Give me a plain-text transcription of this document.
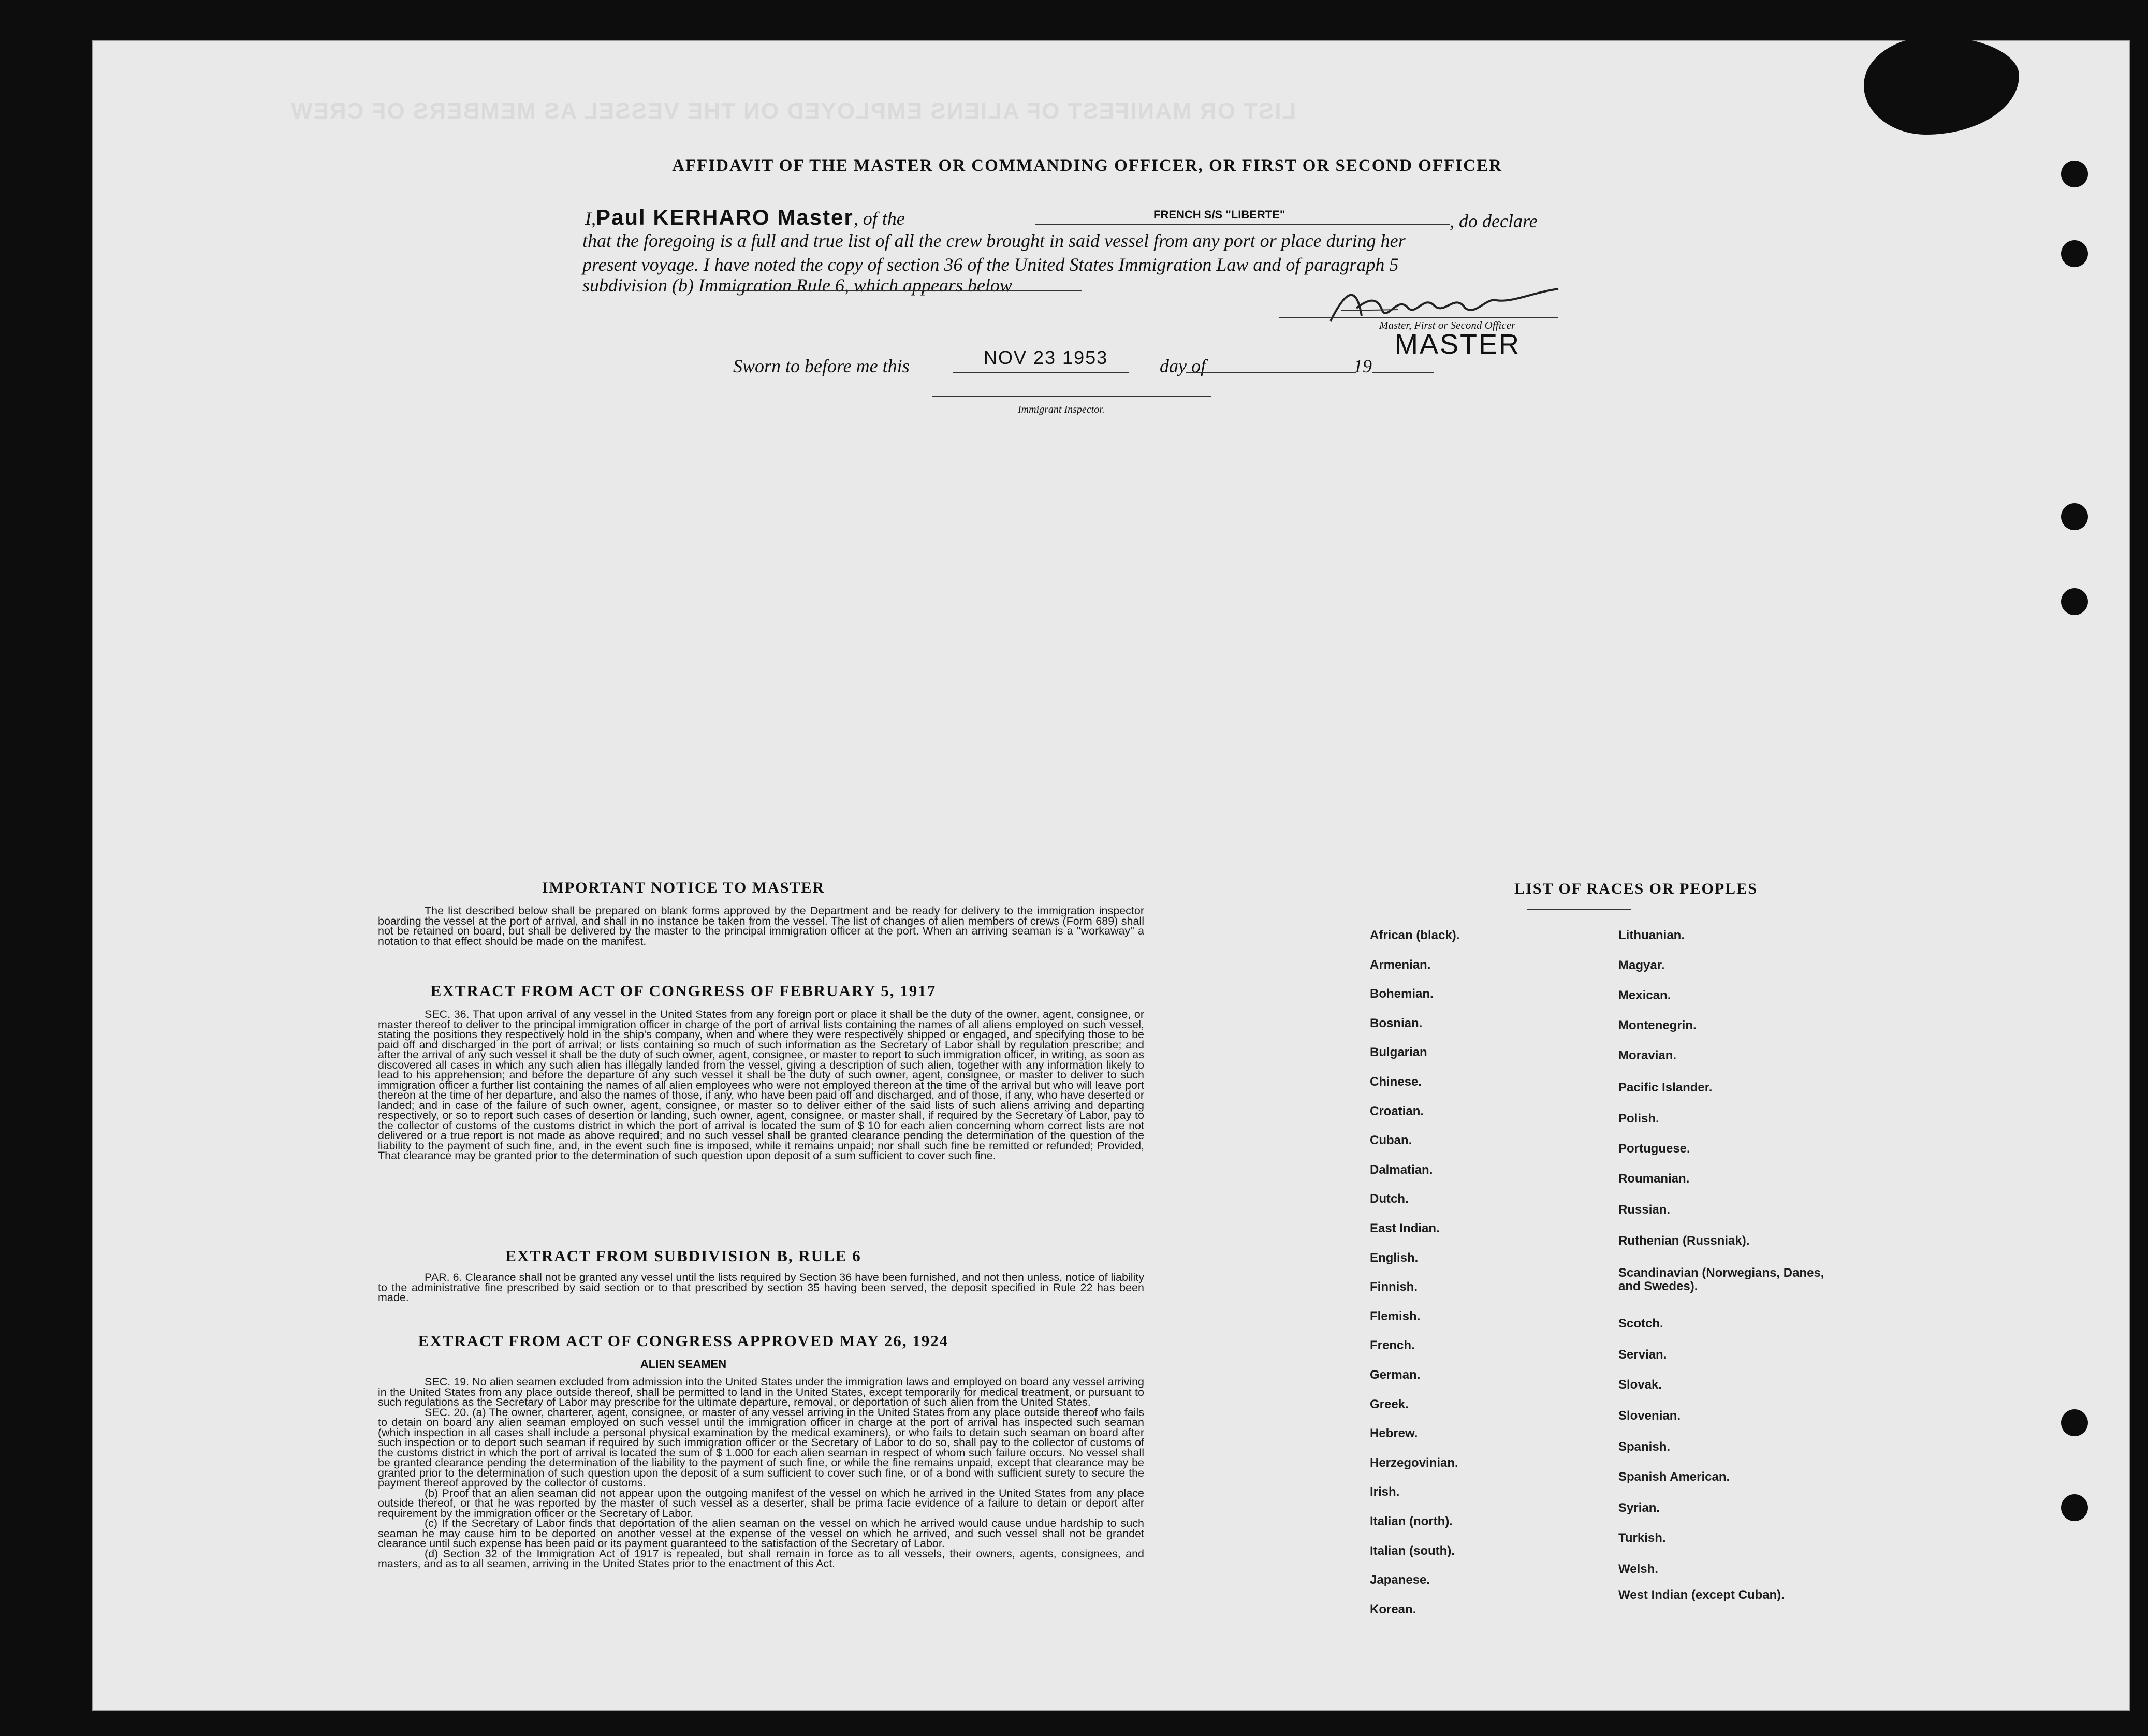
LIST OR MANIFEST OF ALIENS EMPLOYED ON THE VESSEL AS MEMBERS OF CREW
AFFIDAVIT OF THE MASTER OR COMMANDING OFFICER, OR FIRST OR SECOND OFFICER
I,Paul KERHARO Master, of the	FRENCH S/S "LIBERTE"	, do declare
that the foregoing is a full and true list of all the crew brought in said vessel from any port or place during her
present voyage. I have noted the copy of section 36 of the United States Immigration Law and of paragraph 5
subdivision (b) Immigration Rule 6, which appears below
Master, First or Second Officer
MASTER
Sworn to before me this	NOV 23 1953	day of	19
Immigrant Inspector.
IMPORTANT NOTICE TO MASTER

The list described below shall be prepared on blank forms approved by the Department and be ready for delivery to the immigration inspector boarding the vessel at the port of arrival, and shall in no instance be taken from the vessel. The list of changes of alien members of crews (Form 689) shall not be retained on board, but shall be delivered by the master to the principal immigration officer at the port. When an arriving seaman is a "workaway" a notation to that effect should be made on the manifest.

EXTRACT FROM ACT OF CONGRESS OF FEBRUARY 5, 1917

SEC. 36. That upon arrival of any vessel in the United States from any foreign port or place it shall be the duty of the owner, agent, consignee, or master thereof to deliver to the principal immigration officer in charge of the port of arrival lists containing the names of all aliens employed on such vessel, stating the positions they respectively hold in the ship's company, when and where they were respectively shipped or engaged, and specifying those to be paid off and discharged in the port of arrival; or lists containing so much of such information as the Secretary of Labor shall by regulation prescribe; and after the arrival of any such vessel it shall be the duty of such owner, agent, consignee, or master to report to such immigration officer, in writing, as soon as discovered all cases in which any such alien has illegally landed from the vessel, giving a description of such alien, together with any information likely to lead to his apprehension; and before the departure of any such vessel it shall be the duty of such owner, agent, consignee, or master to deliver to such immigration officer a further list containing the names of all alien employees who were not employed thereon at the time of the arrival but who will leave port thereon at the time of her departure, and also the names of those, if any, who have been paid off and discharged, and of those, if any, who have deserted or landed; and in case of the failure of such owner, agent, consignee, or master so to deliver either of the said lists of such aliens arriving and departing respectively, or so to report such cases of desertion or landing, such owner, agent, consignee, or master shall, if required by the Secretary of Labor, pay to the collector of customs of the customs district in which the port of arrival is located the sum of $ 10 for each alien concerning whom correct lists are not delivered or a true report is not made as above required; and no such vessel shall be granted clearance pending the determination of the question of the liability to the payment of such fine, and, in the event such fine is imposed, while it remains unpaid; nor shall such fine be remitted or refunded; Provided, That clearance may be granted prior to the determination of such question upon deposit of a sum sufficient to cover such fine.

EXTRACT FROM SUBDIVISION B, RULE 6

PAR. 6. Clearance shall not be granted any vessel until the lists required by Section 36 have been furnished, and not then unless, notice of liability to the administrative fine prescribed by said section or to that prescribed by section 35 having been served, the deposit specified in Rule 22 has been made.

EXTRACT FROM ACT OF CONGRESS APPROVED MAY 26, 1924
ALIEN SEAMEN

SEC. 19. No alien seamen excluded from admission into the United States under the immigration laws and employed on board any vessel arriving in the United States from any place outside thereof, shall be permitted to land in the United States, except temporarily for medical treatment, or pursuant to such regulations as the Secretary of Labor may prescribe for the ultimate departure, removal, or deportation of such alien from the United States.

SEC. 20. (a) The owner, charterer, agent, consignee, or master of any vessel arriving in the United States from any place outside thereof who fails to detain on board any alien seaman employed on such vessel until the immigration officer in charge at the port of arrival has inspected such seaman (which inspection in all cases shall include a personal physical examination by the medical examiners), or who fails to detain such seaman on board after such inspection or to deport such seaman if required by such immigration officer or the Secretary of Labor to do so, shall pay to the collector of customs of the customs district in which the port of arrival is located the sum of $ 1.000 for each alien seaman in respect of whom such failure occurs. No vessel shall be granted clearance pending the determination of the liability to the payment of such fine, or while the fine remains unpaid, except that clearance may be granted prior to the determination of such question upon the deposit of a sum sufficient to cover such fine, or of a bond with sufficient surety to secure the payment thereof approved by the collector of customs.

(b) Proof that an alien seaman did not appear upon the outgoing manifest of the vessel on which he arrived in the United States from any place outside thereof, or that he was reported by the master of such vessel as a deserter, shall be prima facie evidence of a failure to detain or deport after requirement by the immigration officer or the Secretary of Labor.

(c) If the Secretary of Labor finds that deportation of the alien seaman on the vessel on which he arrived would cause undue hardship to such seaman he may cause him to be deported on another vessel at the expense of the vessel on which he arrived, and such vessel shall not be grandet clearance until such expense has been paid or its payment guaranteed to the satisfaction of the Secretary of Labor.

(d) Section 32 of the Immigration Act of 1917 is repealed, but shall remain in force as to all vessels, their owners, agents, consignees, and masters, and as to all seamen, arriving in the United States prior to the enactment of this Act.

LIST OF RACES OR PEOPLES
African (black).
Armenian.
Bohemian.
Bosnian.
Bulgarian
Chinese.
Croatian.
Cuban.
Dalmatian.
Dutch.
East Indian.
English.
Finnish.
Flemish.
French.
German.
Greek.
Hebrew.
Herzegovinian.
Irish.
Italian (north).
Italian (south).
Japanese.
Korean.
Lithuanian.
Magyar.
Mexican.
Montenegrin.
Moravian.
Pacific Islander.
Polish.
Portuguese.
Roumanian.
Russian.
Ruthenian (Russniak).
Scandinavian (Norwegians, Danes, and Swedes).
Scotch.
Servian.
Slovak.
Slovenian.
Spanish.
Spanish American.
Syrian.
Turkish.
Welsh.
West Indian (except Cuban).
